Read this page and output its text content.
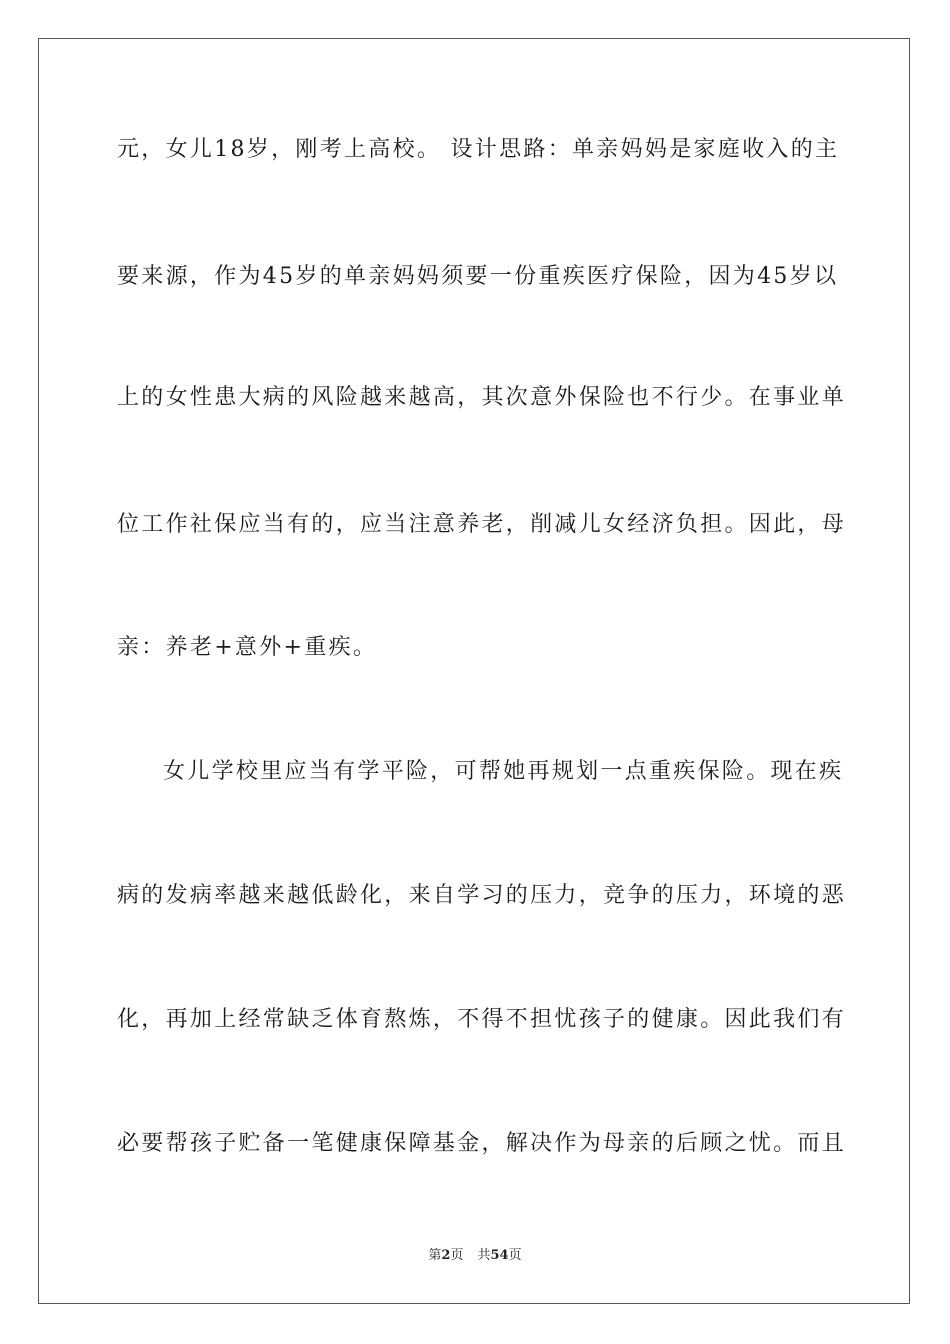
元，女儿18岁，刚考上高校。 设计思路：单亲妈妈是家庭收入的主
要来源，作为45岁的单亲妈妈须要一份重疾医疗保险，因为45岁以
上的女性患大病的风险越来越高，其次意外保险也不行少。在事业单
位工作社保应当有的，应当注意养老，削减儿女经济负担。因此，母
亲：养老+意外+重疾。
女儿学校里应当有学平险，可帮她再规划一点重疾保险。现在疾
病的发病率越来越低龄化，来自学习的压力，竞争的压力，环境的恶
化，再加上经常缺乏体育熬炼，不得不担忧孩子的健康。因此我们有
必要帮孩子贮备一笔健康保障基金，解决作为母亲的后顾之忧。而且
第2页 共54页
